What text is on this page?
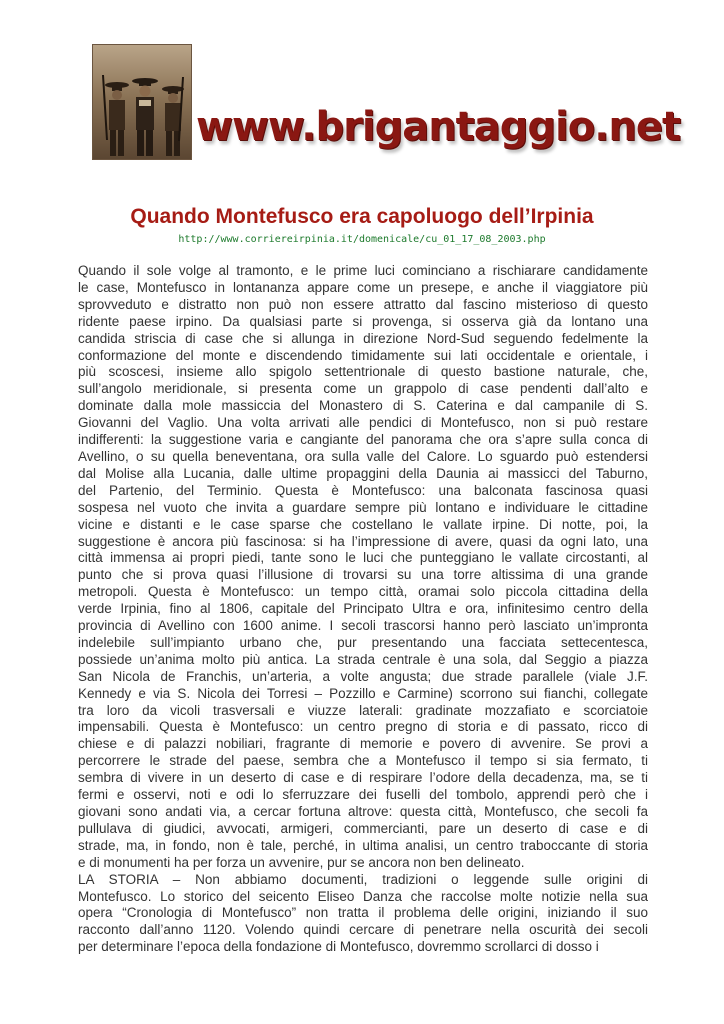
www.brigantaggio.net
Quando Montefusco era capoluogo dell’Irpinia
http://www.corriereirpinia.it/domenicale/cu_01_17_08_2003.php

Quando il sole volge al tramonto, e le prime luci cominciano a rischiarare candidamente
le case, Montefusco in lontananza appare come un presepe, e anche il viaggiatore più
sprovveduto e distratto non può non essere attratto dal fascino misterioso di questo
ridente paese irpino. Da qualsiasi parte si provenga, si osserva già da lontano una
candida striscia di case che si allunga in direzione Nord-Sud seguendo fedelmente la
conformazione del monte e discendendo timidamente sui lati occidentale e orientale, i
più scoscesi, insieme allo spigolo settentrionale di questo bastione naturale, che,
sull’angolo meridionale, si presenta come un grappolo di case pendenti dall’alto e
dominate dalla mole massiccia del Monastero di S. Caterina e dal campanile di S.
Giovanni del Vaglio. Una volta arrivati alle pendici di Montefusco, non si può restare
indifferenti: la suggestione varia e cangiante del panorama che ora s’apre sulla conca di
Avellino, o su quella beneventana, ora sulla valle del Calore. Lo sguardo può estendersi
dal Molise alla Lucania, dalle ultime propaggini della Daunia ai massicci del Taburno,
del Partenio, del Terminio. Questa è Montefusco: una balconata fascinosa quasi
sospesa nel vuoto che invita a guardare sempre più lontano e individuare le cittadine
vicine e distanti e le case sparse che costellano le vallate irpine. Di notte, poi, la
suggestione è ancora più fascinosa: si ha l’impressione di avere, quasi da ogni lato, una
città immensa ai propri piedi, tante sono le luci che punteggiano le vallate circostanti, al
punto che si prova quasi l’illusione di trovarsi su una torre altissima di una grande
metropoli. Questa è Montefusco: un tempo città, oramai solo piccola cittadina della
verde Irpinia, fino al 1806, capitale del Principato Ultra e ora, infinitesimo centro della
provincia di Avellino con 1600 anime. I secoli trascorsi hanno però lasciato un’impronta
indelebile sull’impianto urbano che, pur presentando una facciata settecentesca,
possiede un’anima molto più antica. La strada centrale è una sola, dal Seggio a piazza
San Nicola de Franchis, un’arteria, a volte angusta; due strade parallele (viale J.F.
Kennedy e via S. Nicola dei Torresi – Pozzillo e Carmine) scorrono sui fianchi, collegate
tra loro da vicoli trasversali e viuzze laterali: gradinate mozzafiato e scorciatoie
impensabili. Questa è Montefusco: un centro pregno di storia e di passato, ricco di
chiese e di palazzi nobiliari, fragrante di memorie e povero di avvenire. Se provi a
percorrere le strade del paese, sembra che a Montefusco il tempo si sia fermato, ti
sembra di vivere in un deserto di case e di respirare l’odore della decadenza, ma, se ti
fermi e osservi, noti e odi lo sferruzzare dei fuselli del tombolo, apprendi però che i
giovani sono andati via, a cercar fortuna altrove: questa città, Montefusco, che secoli fa
pullulava di giudici, avvocati, armigeri, commercianti, pare un deserto di case e di
strade, ma, in fondo, non è tale, perché, in ultima analisi, un centro traboccante di storia
e di monumenti ha per forza un avvenire, pur se ancora non ben delineato.

LA STORIA – Non abbiamo documenti, tradizioni o leggende sulle origini di
Montefusco. Lo storico del seicento Eliseo Danza che raccolse molte notizie nella sua
opera “Cronologia di Montefusco” non tratta il problema delle origini, iniziando il suo
racconto dall’anno 1120. Volendo quindi cercare di penetrare nella oscurità dei secoli
per determinare l’epoca della fondazione di Montefusco, dovremmo scrollarci di dosso i
